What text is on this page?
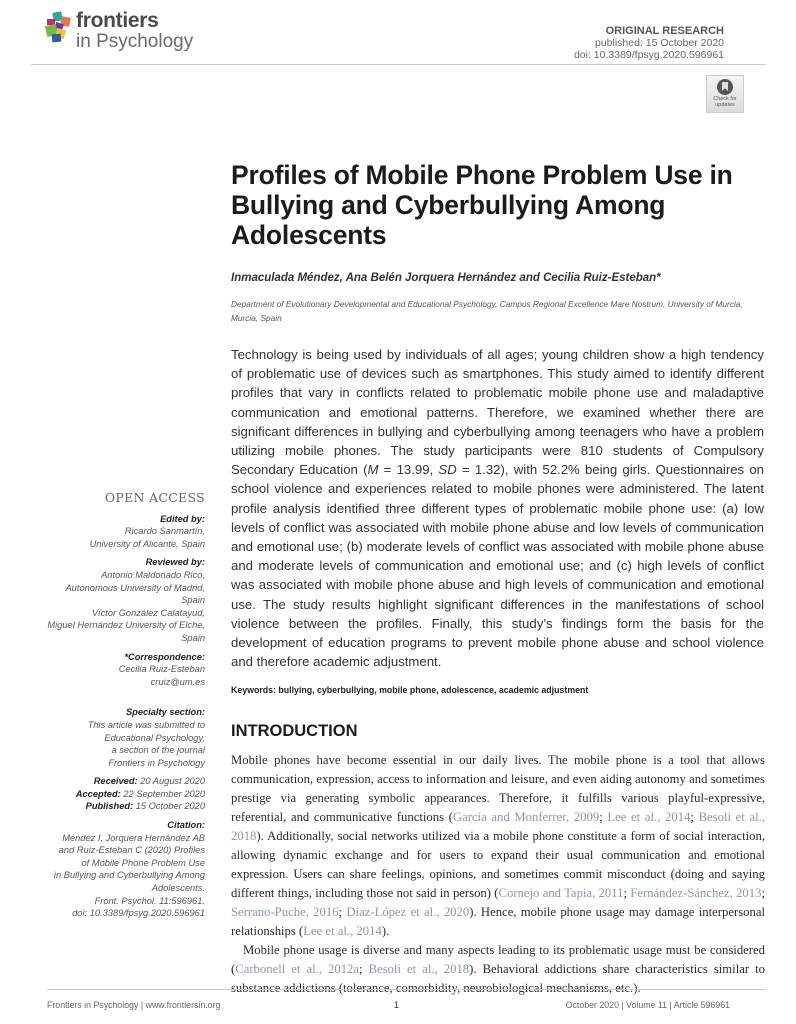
frontiers
in Psychology	ORIGINAL RESEARCH
published: 15 October 2020
doi: 10.3389/fpsyg.2020.596961
Check for
updates
Profiles of Mobile Phone Problem Use in Bullying and Cyberbullying Among Adolescents
Inmaculada Méndez, Ana Belén Jorquera Hernández and Cecilia Ruiz-Esteban*
Department of Evolutionary Developmental and Educational Psychology, Campus Regional Excellence Mare Nostrum, University of Murcia, Murcia, Spain
Technology is being used by individuals of all ages; young children show a high tendency of problematic use of devices such as smartphones. This study aimed to identify different profiles that vary in conflicts related to problematic mobile phone use and maladaptive communication and emotional patterns. Therefore, we examined whether there are significant differences in bullying and cyberbullying among teenagers who have a problem utilizing mobile phones. The study participants were 810 students of Compulsory Secondary Education (M = 13.99, SD = 1.32), with 52.2% being girls. Questionnaires on school violence and experiences related to mobile phones were administered. The latent profile analysis identified three different types of problematic mobile phone use: (a) low levels of conflict was associated with mobile phone abuse and low levels of communication and emotional use; (b) moderate levels of conflict was associated with mobile phone abuse and moderate levels of communication and emotional use; and (c) high levels of conflict was associated with mobile phone abuse and high levels of communication and emotional use. The study results highlight significant differences in the manifestations of school violence between the profiles. Finally, this study’s findings form the basis for the development of education programs to prevent mobile phone abuse and school violence and therefore academic adjustment.
Keywords: bullying, cyberbullying, mobile phone, adolescence, academic adjustment
INTRODUCTION

Mobile phones have become essential in our daily lives. The mobile phone is a tool that allows communication, expression, access to information and leisure, and even aiding autonomy and sometimes prestige via generating symbolic appearances. Therefore, it fulfills various playful-expressive, referential, and communicative functions (García and Monferrer, 2009; Lee et al., 2014; Besoli et al., 2018). Additionally, social networks utilized via a mobile phone constitute a form of social interaction, allowing dynamic exchange and for users to expand their usual communication and emotional expression. Users can share feelings, opinions, and sometimes commit misconduct (doing and saying different things, including those not said in person) (Cornejo and Tapia, 2011; Fernández-Sánchez, 2013; Serrano-Puche, 2016; Díaz-López et al., 2020). Hence, mobile phone usage may damage interpersonal relationships (Lee et al., 2014).

Mobile phone usage is diverse and many aspects leading to its problematic usage must be considered (Carbonell et al., 2012a; Besoli et al., 2018). Behavioral addictions share characteristics similar to substance addictions (tolerance, comorbidity, neurobiological mechanisms, etc.).

OPEN ACCESS
Edited by:
Ricardo Sanmartín,
University of Alicante, Spain
Reviewed by:
Antonio Maldonado Rico,
Autonomous University of Madrid,
Spain
Víctor González Calatayud,
Miguel Hernández University of Elche,
Spain
*Correspondence:
Cecilia Ruiz-Esteban
cruiz@um.es
Specialty section:
This article was submitted to
Educational Psychology,
a section of the journal
Frontiers in Psychology
Received: 20 August 2020
Accepted: 22 September 2020
Published: 15 October 2020
Citation:
Méndez I, Jorquera Hernández AB
and Ruiz-Esteban C (2020) Profiles
of Mobile Phone Problem Use
in Bullying and Cyberbullying Among
Adolescents.
Front. Psychol. 11:596961.
doi: 10.3389/fpsyg.2020.596961
Frontiers in Psychology | www.frontiersin.org	1	October 2020 | Volume 11 | Article 596961
